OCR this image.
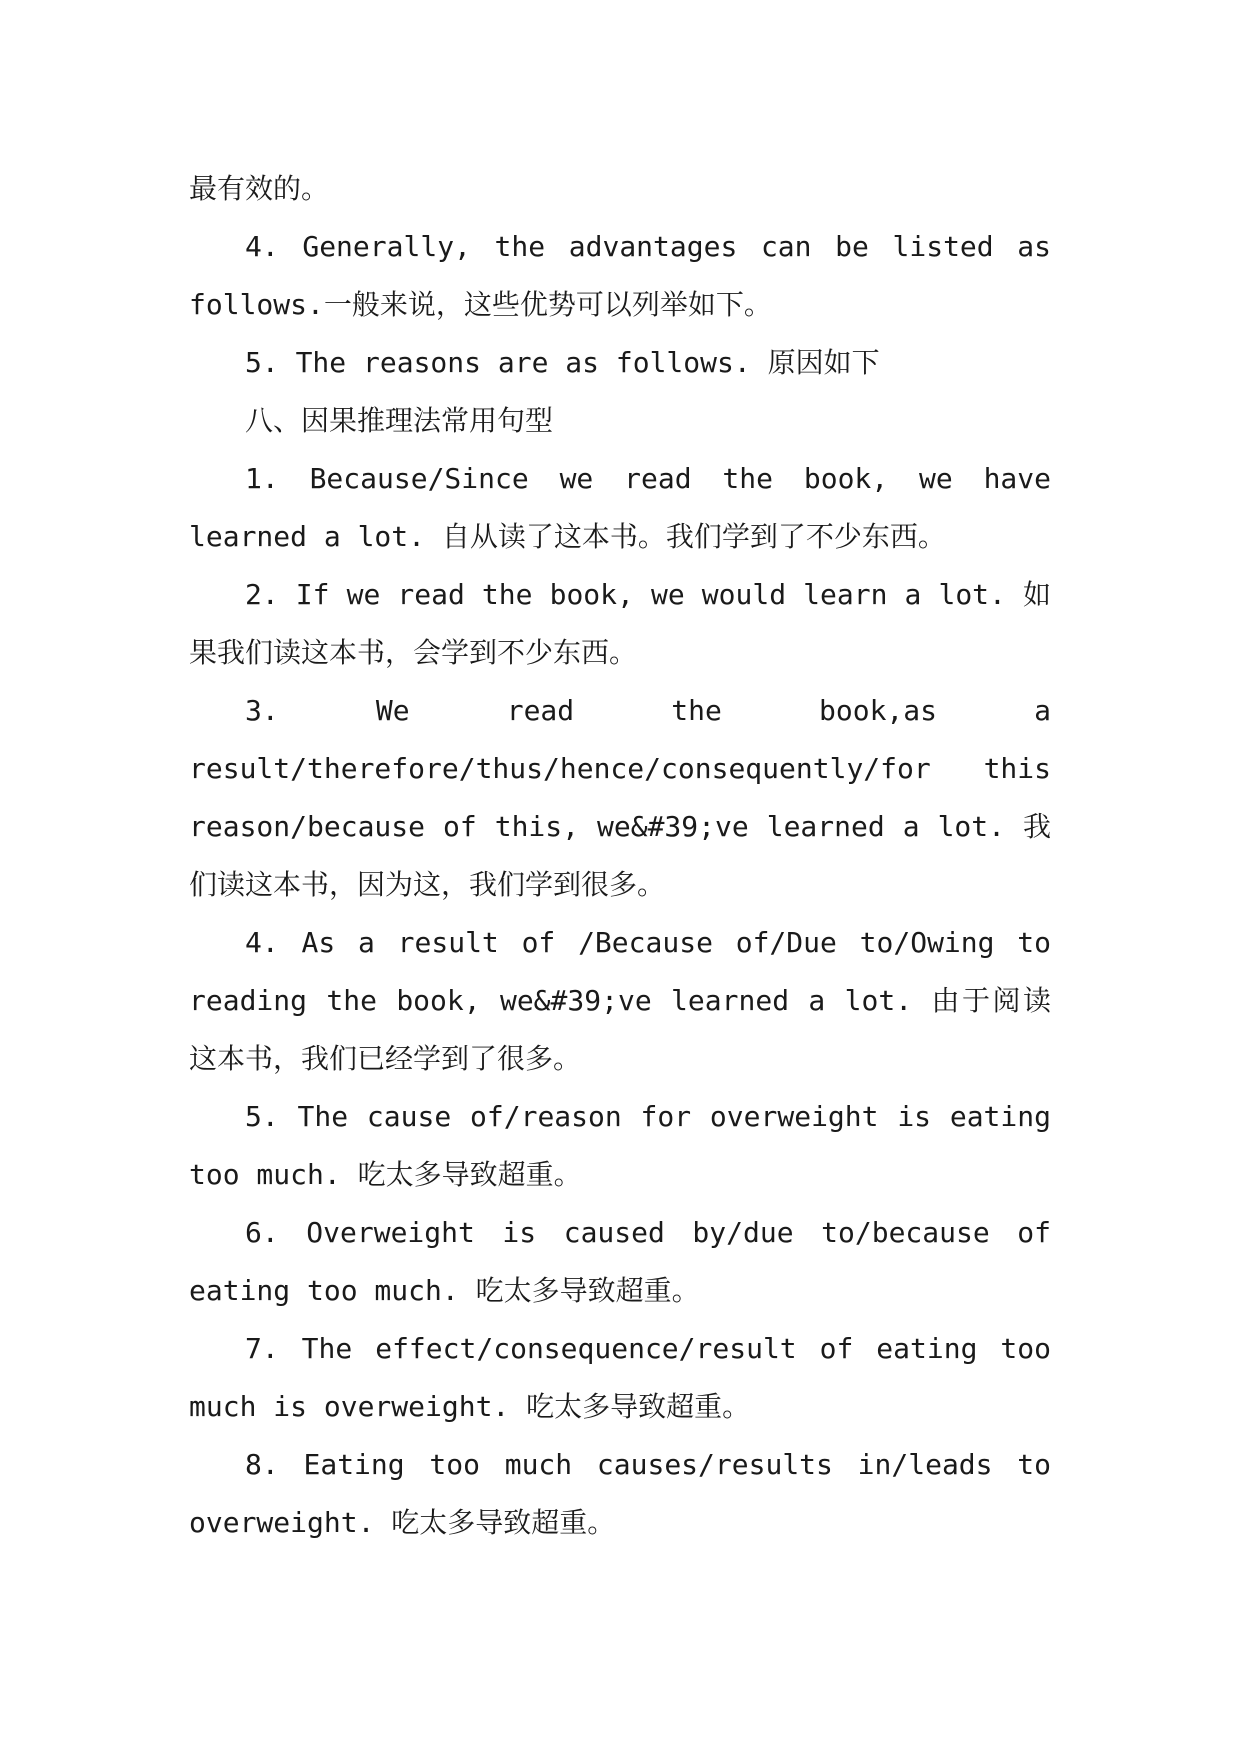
最有效的。

4. Generally, the advantages can be listed as follows.一般来说，这些优势可以列举如下。

5. The reasons are as follows. 原因如下

八、因果推理法常用句型

1. Because/Since we read the book, we have learned a lot. 自从读了这本书。我们学到了不少东西。

2. If we read the book, we would learn a lot. 如果我们读这本书，会学到不少东西。

3. We read the book,as a result/therefore/thus/hence/consequently/for this reason/because of this, we&#39;ve learned a lot. 我们读这本书，因为这，我们学到很多。

4. As a result of /Because of/Due to/Owing to reading the book, we&#39;ve learned a lot. 由于阅读这本书，我们已经学到了很多。

5. The cause of/reason for overweight is eating too much. 吃太多导致超重。

6. Overweight is caused by/due to/because of eating too much. 吃太多导致超重。

7. The effect/consequence/result of eating too much is overweight. 吃太多导致超重。

8. Eating too much causes/results in/leads to overweight. 吃太多导致超重。
